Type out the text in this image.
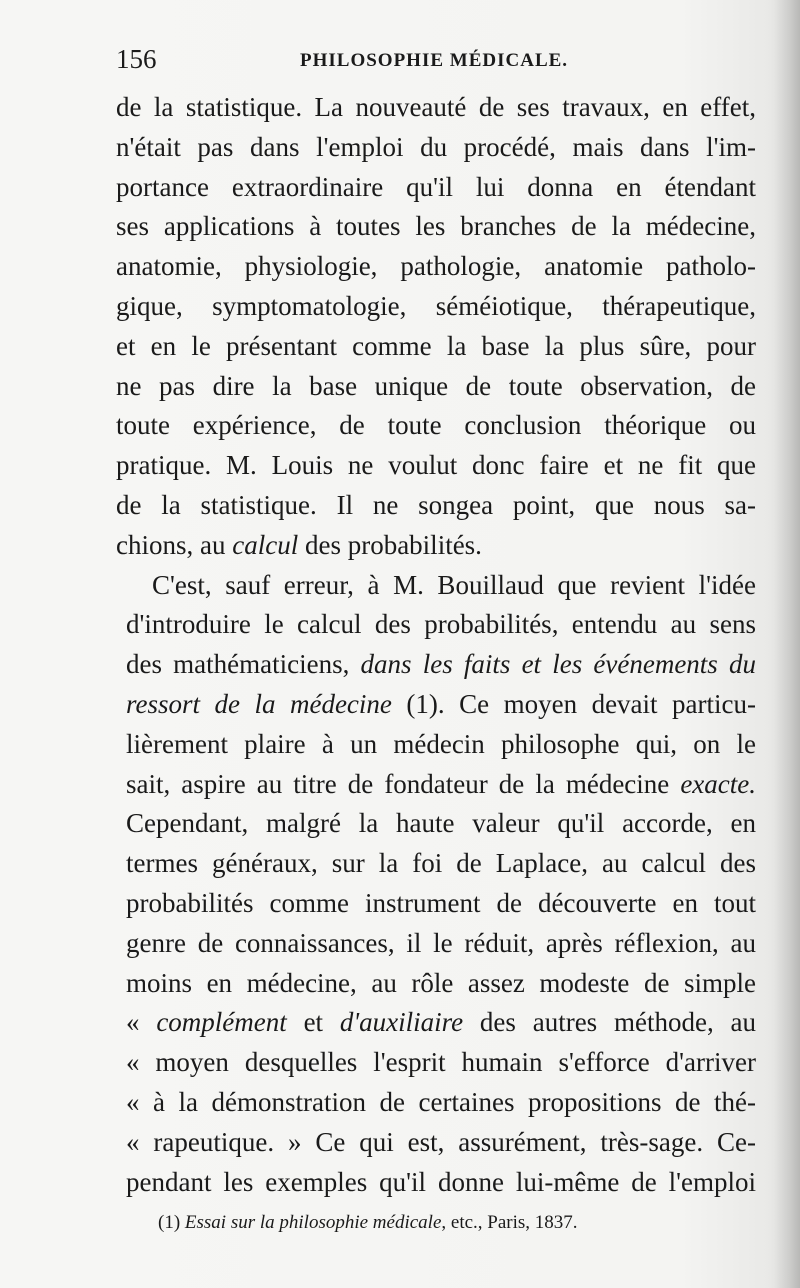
156	PHILOSOPHIE MÉDICALE.
de la statistique. La nouveauté de ses travaux, en effet,
n'était pas dans l'emploi du procédé, mais dans l'im-
portance extraordinaire qu'il lui donna en étendant
ses applications à toutes les branches de la médecine,
anatomie, physiologie, pathologie, anatomie patholo-
gique, symptomatologie, séméiotique, thérapeutique,
et en le présentant comme la base la plus sûre, pour
ne pas dire la base unique de toute observation, de
toute expérience, de toute conclusion théorique ou
pratique. M. Louis ne voulut donc faire et ne fit que
de la statistique. Il ne songea point, que nous sa-
chions, au calcul des probabilités.
C'est, sauf erreur, à M. Bouillaud que revient l'idée
d'introduire le calcul des probabilités, entendu au sens
des mathématiciens, dans les faits et les événements du
ressort de la médecine (1). Ce moyen devait particu-
lièrement plaire à un médecin philosophe qui, on le
sait, aspire au titre de fondateur de la médecine exacte.
Cependant, malgré la haute valeur qu'il accorde, en
termes généraux, sur la foi de Laplace, au calcul des
probabilités comme instrument de découverte en tout
genre de connaissances, il le réduit, après réflexion, au
moins en médecine, au rôle assez modeste de simple
« complément et d'auxiliaire des autres méthode, au
« moyen desquelles l'esprit humain s'efforce d'arriver
« à la démonstration de certaines propositions de thé-
« rapeutique. » Ce qui est, assurément, très-sage. Ce-
pendant les exemples qu'il donne lui-même de l'emploi
(1) Essai sur la philosophie médicale, etc., Paris, 1837.
